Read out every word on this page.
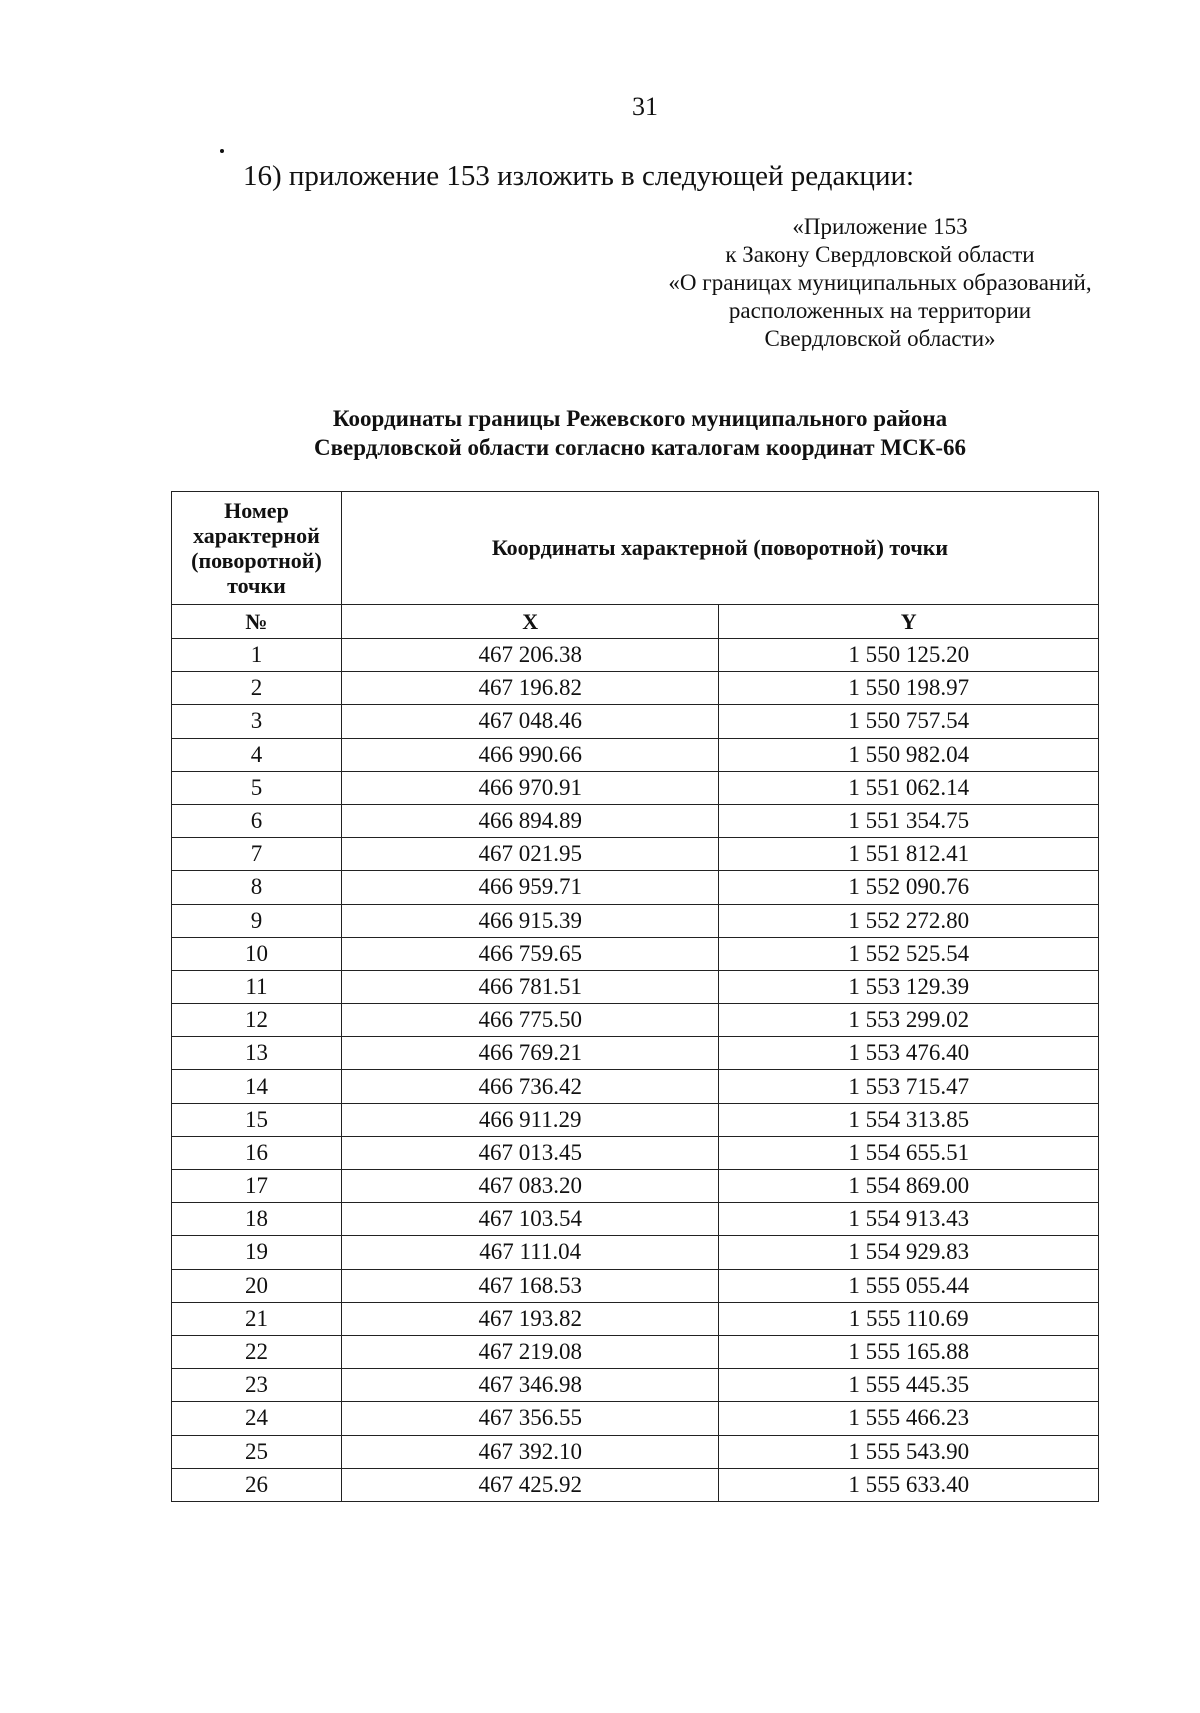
31
16) приложение 153 изложить в следующей редакции:
«Приложение 153
к Закону Свердловской области
«О границах муниципальных образований,
расположенных на территории
Свердловской области»
Координаты границы Режевского муниципального района
Свердловской области согласно каталогам координат МСК-66
Номер
характерной
(поворотной)
точки	Координаты характерной (поворотной) точки	
№	X	Y
1	467 206.38	1 550 125.20
2	467 196.82	1 550 198.97
3	467 048.46	1 550 757.54
4	466 990.66	1 550 982.04
5	466 970.91	1 551 062.14
6	466 894.89	1 551 354.75
7	467 021.95	1 551 812.41
8	466 959.71	1 552 090.76
9	466 915.39	1 552 272.80
10	466 759.65	1 552 525.54
11	466 781.51	1 553 129.39
12	466 775.50	1 553 299.02
13	466 769.21	1 553 476.40
14	466 736.42	1 553 715.47
15	466 911.29	1 554 313.85
16	467 013.45	1 554 655.51
17	467 083.20	1 554 869.00
18	467 103.54	1 554 913.43
19	467 111.04	1 554 929.83
20	467 168.53	1 555 055.44
21	467 193.82	1 555 110.69
22	467 219.08	1 555 165.88
23	467 346.98	1 555 445.35
24	467 356.55	1 555 466.23
25	467 392.10	1 555 543.90
26	467 425.92	1 555 633.40
